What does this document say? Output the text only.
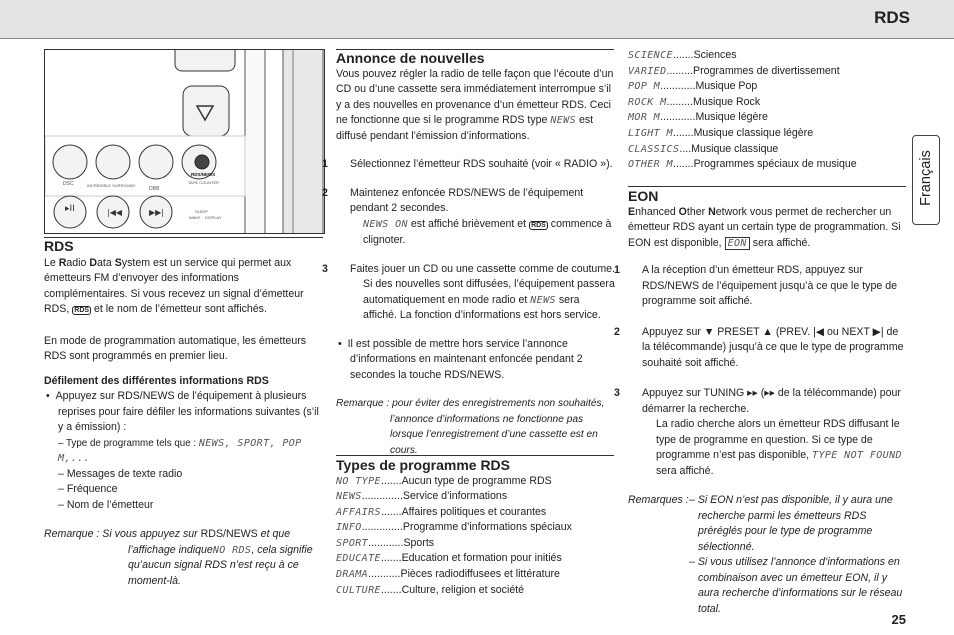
RDS
Français
▸II	|◀◀	▶▶|
RDS/NEWS
TAPE COUNTER
DSC	INCREDIBLE SURROUND
DBB
SLEEP
WAKE DISPLAY

RDS

Le Radio Data System est un service qui permet aux émetteurs FM d’envoyer des informations complémentaires. Si vous recevez un signal d’émetteur RDS, RDS et le nom de l’émetteur sont affichés.

En mode de programmation automatique, les émetteurs RDS sont programmés en premier lieu.

Défilement des différentes informations RDS

•  Appuyez sur RDS/NEWS de l’équipement à plusieurs reprises pour faire défiler les informations suivantes (s’il y a émission) :

– Type de programme tels que : NEWS, SPORT, POP M,...

– Messages de texte radio

– Fréquence

– Nom de l’émetteur

Remarque : Si vous appuyez sur RDS/NEWS et que l’affichage indiqueNO RDS, cela signifie qu’aucun signal RDS n’est reçu à ce moment-là.

Annonce de nouvelles

Vous pouvez régler la radio de telle façon que l’écoute d’un CD ou d’une cassette sera immédiatement interrompue s’il y a des nouvelles en provenance d’un émetteur RDS. Ceci ne fonctionne que si le programme RDS type NEWS est diffusé pendant l’émission d’informations.

1 Sélectionnez l’émetteur RDS souhaité (voir « RADIO »).

2 Maintenez enfoncée RDS/NEWS de l’équipement pendant 2 secondes.

NEWS ON est affiché brièvement et RDS commence à clignoter.

3 Faites jouer un CD ou une cassette comme de coutume.

Si des nouvelles sont diffusées, l’équipement passera automatiquement en mode radio et NEWS sera affiché. La fonction d’informations est hors service.

•  Il est possible de mettre hors service l’annonce d’informations en maintenant enfoncée pendant 2 secondes la touche RDS/NEWS.

Remarque : pour éviter des enregistrements non souhaités, l’annonce d’informations ne fonctionne pas lorsque l’enregistrement d’une cassette est en cours.

Types de programme RDS

NO TYPE.......Aucun type de programme RDS
NEWS..............Service d’informations
AFFAIRS.......Affaires politiques et courantes
INFO..............Programme d’informations spéciaux
SPORT............Sports
EDUCATE.......Education et formation pour initiés
DRAMA...........Pièces radiodiffusees et littérature
CULTURE.......Culture, religion et société
SCIENCE.......Sciences
VARIED.........Programmes de divertissement
POP M............Musique Pop
ROCK M.........Musique Rock
MOR M............Musique légère
LIGHT M.......Musique classique légère
CLASSICS....Musique classique
OTHER M.......Programmes spéciaux de musique

EON

Enhanced Other Network vous permet de rechercher un émetteur RDS ayant un certain type de programmation. Si EON est disponible, EON sera affiché.

1 A la réception d’un émetteur RDS, appuyez sur RDS/NEWS de l’équipement jusqu’à ce que le type de programme soit affiché.

2 Appuyez sur ▼ PRESET ▲ (PREV. |◀ ou NEXT ▶| de la télécommande) jusqu’à ce que le type de programme souhaité soit affiché.

3 Appuyez sur TUNING ▸▸ (▸▸ de la télécommande) pour démarrer la recherche.

La radio cherche alors un émetteur RDS diffusant le type de programme en question. Si ce type de programme n’est pas disponible, TYPE NOT FOUND sera affiché.

Remarques : – Si EON n’est pas disponible, il y aura une recherche parmi les émetteurs RDS préréglés pour le type de programme sélectionné.

– Si vous utilisez l’annonce d’informations en combinaison avec un émetteur EON, il y aura recherche d’informations sur le réseau total.

25
